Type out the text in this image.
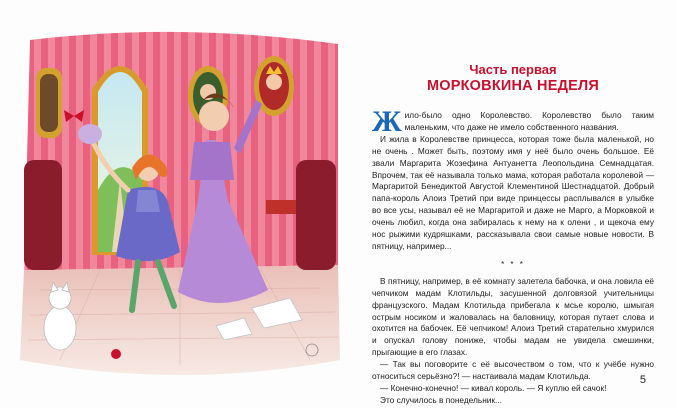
Часть первая
МОРКОВКИНА НЕДЕЛЯ

Жило-было одно Королевство. Королевство было таким маленьким, что даже не имело собственного названия.

И жила в Королевстве принцесса, которая тоже была маленькой, но не очень . Может быть, поэтому имя у неё было очень большое. Её звали Маргарита Жозефина Антуанетта Леопольдина Семнадцатая. Впрочем, так её называла только мама, которая работала королевой — Маргаритой Бенедиктой Августой Клементиной Шестнадцатой. Добрый папа-король Алоиз Третий при виде принцессы расплывался в улыбке во все усы, называл её не Маргаритой и даже не Марго, а Морковкой и очень любил, когда она забиралась к нему на к олени , и щекоча ему нос рыжими кудряшками, рассказывала свои самые новые новости. В пятницу, например...

* * *

В пятницу, например, в её комнату залетела бабочка, и она ловила её чепчиком мадам Клотильды, засушенной долговязой учительницы французского. Мадам Клотильда прибегала к мсье королю, шмыгая острым носиком и жаловалась на баловницу, которая путает слова и охотится на бабочек. Её чепчиком! Алоиз Третий старательно хмурился и опускал голову пониже, чтобы мадам не увидела смешинки, прыгающие в его глазах.

— Так вы поговорите с её высочеством о том, что к учёбе нужно относиться серьёзно?! — настаивала мадам Клотильда.

— Конечно-конечно! — кивал король. — Я куплю ей сачок!

Это случилось в понедельник...

5
